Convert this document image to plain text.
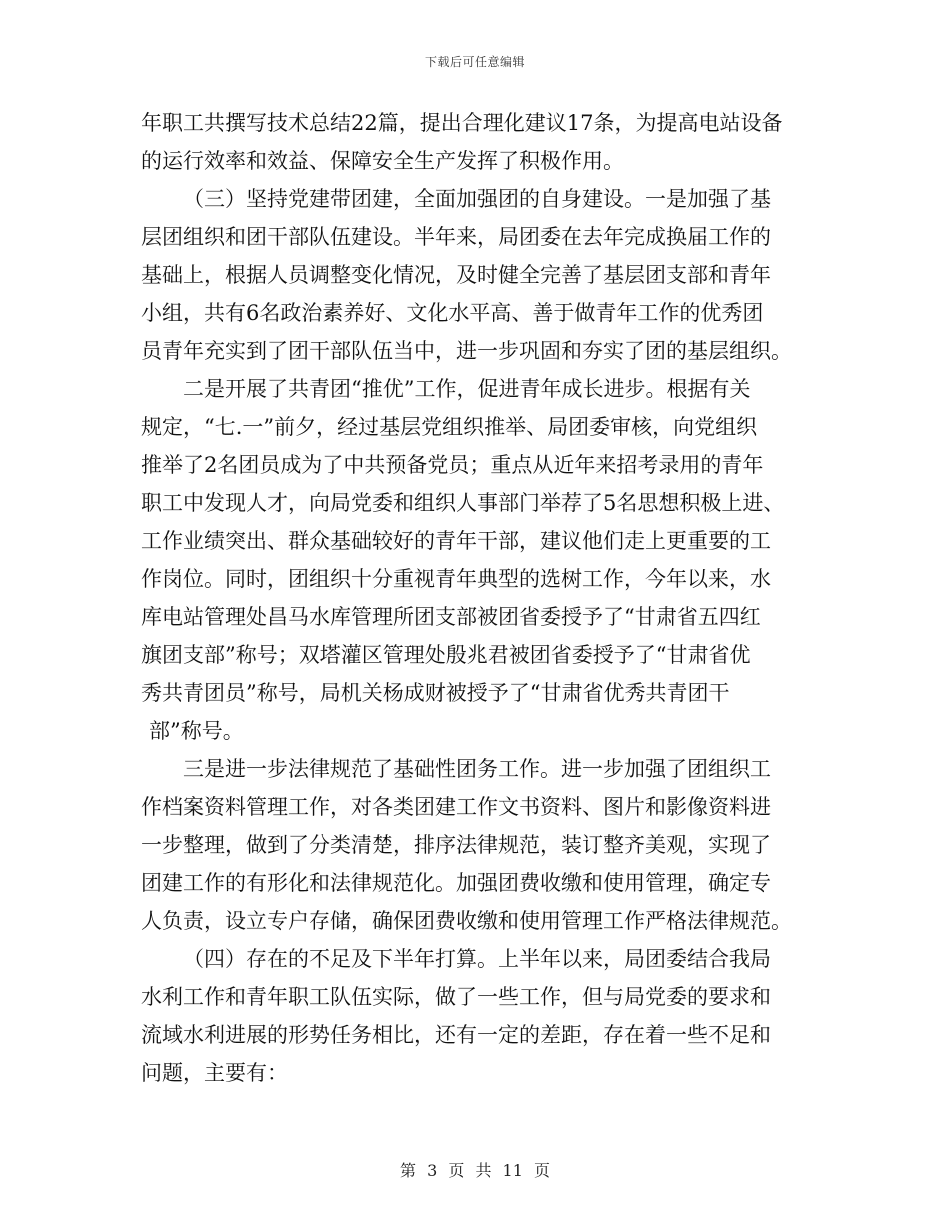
下载后可任意编辑
年职工共撰写技术总结22篇，提出合理化建议17条，为提高电站设备
的运行效率和效益、保障安全生产发挥了积极作用。
（三）坚持党建带团建，全面加强团的自身建设。一是加强了基
层团组织和团干部队伍建设。半年来，局团委在去年完成换届工作的
基础上，根据人员调整变化情况，及时健全完善了基层团支部和青年
小组，共有6名政治素养好、文化水平高、善于做青年工作的优秀团
员青年充实到了团干部队伍当中，进一步巩固和夯实了团的基层组织。
二是开展了共青团“推优”工作，促进青年成长进步。根据有关
规定，“七.一”前夕，经过基层党组织推举、局团委审核，向党组织
推举了2名团员成为了中共预备党员；重点从近年来招考录用的青年
职工中发现人才，向局党委和组织人事部门举荐了5名思想积极上进、
工作业绩突出、群众基础较好的青年干部，建议他们走上更重要的工
作岗位。同时，团组织十分重视青年典型的选树工作，今年以来，水
库电站管理处昌马水库管理所团支部被团省委授予了“甘肃省五四红
旗团支部”称号；双塔灌区管理处殷兆君被团省委授予了“甘肃省优
秀共青团员”称号，局机关杨成财被授予了“甘肃省优秀共青团干
部”称号。
三是进一步法律规范了基础性团务工作。进一步加强了团组织工
作档案资料管理工作，对各类团建工作文书资料、图片和影像资料进
一步整理，做到了分类清楚，排序法律规范，装订整齐美观，实现了
团建工作的有形化和法律规范化。加强团费收缴和使用管理，确定专
人负责，设立专户存储，确保团费收缴和使用管理工作严格法律规范。
（四）存在的不足及下半年打算。上半年以来，局团委结合我局
水利工作和青年职工队伍实际，做了一些工作，但与局党委的要求和
流域水利进展的形势任务相比，还有一定的差距，存在着一些不足和
问题，主要有：
第 3 页 共 11 页
